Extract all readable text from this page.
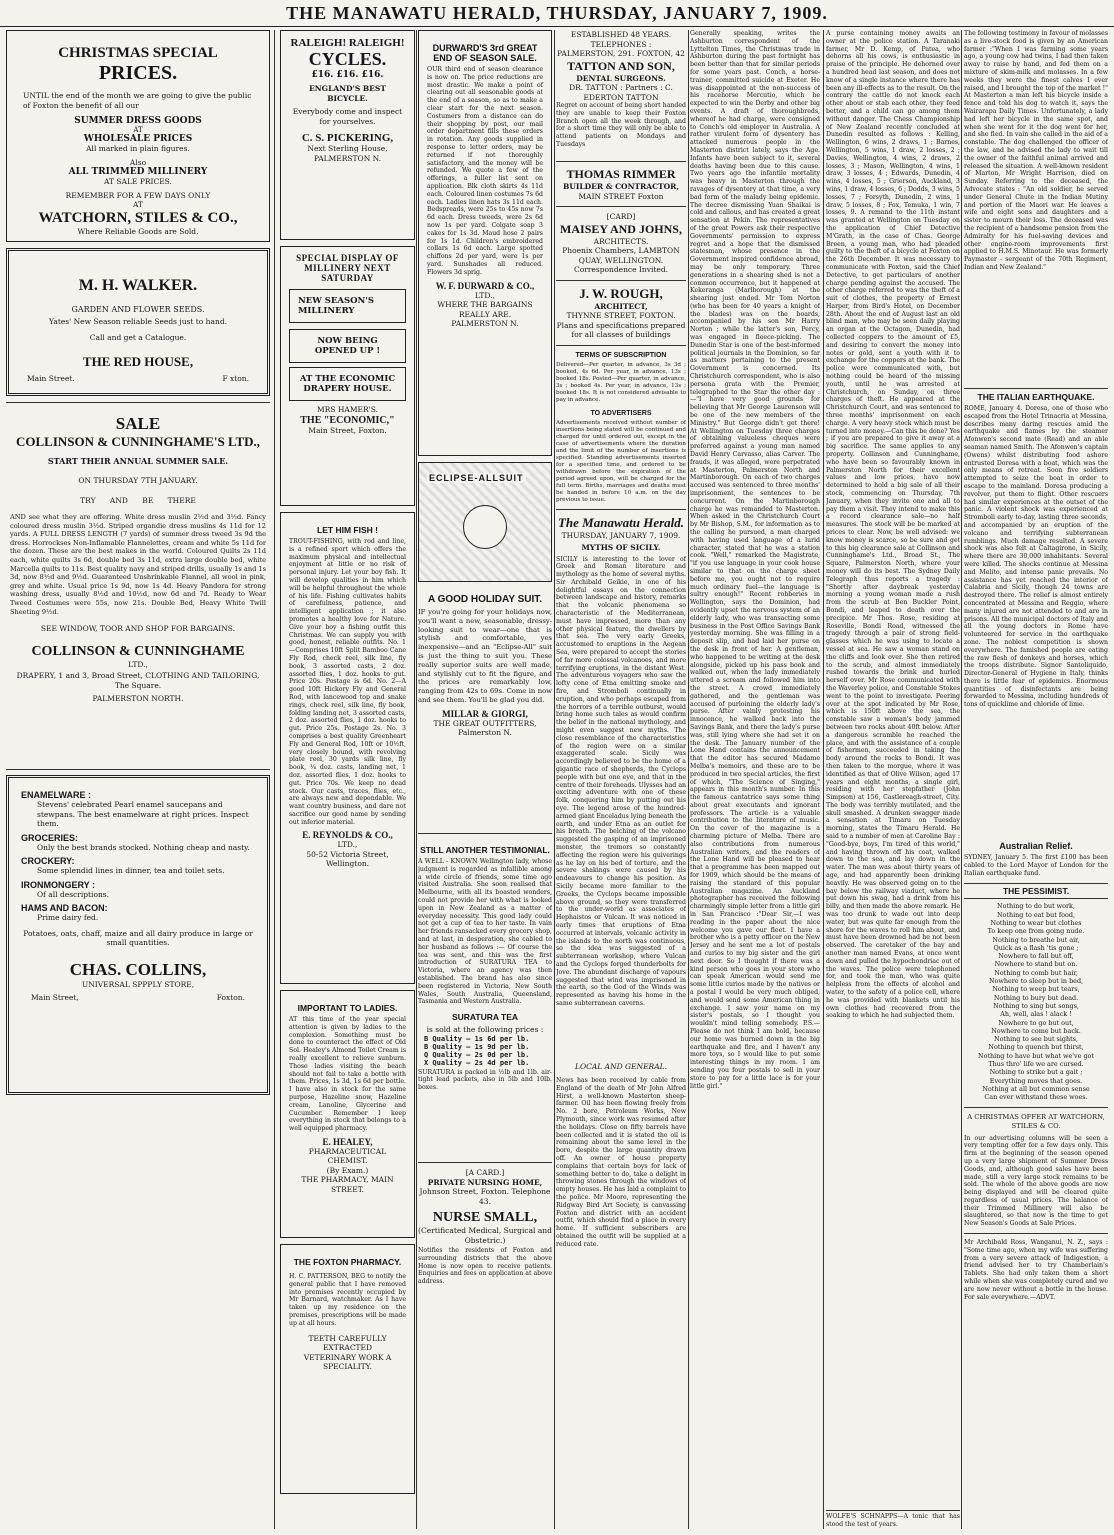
THE MANAWATU HERALD, THURSDAY, JANUARY 7, 1909.
CHRISTMAS SPECIAL
PRICES.
UNTIL the end of the month we are going to give the public of Foxton the benefit of all our
SUMMER DRESS GOODS
AT
WHOLESALE PRICES
All marked in plain figures.
Also
ALL TRIMMED MILLINERY
AT SALE PRICES.
REMEMBER FOR A FEW DAYS ONLY
AT
WATCHORN, STILES & CO.,
Where Reliable Goods are Sold.
M. H. WALKER.
GARDEN AND FLOWER SEEDS.
Yates' New Season reliable Seeds just to hand.
Call and get a Catalogue.
THE RED HOUSE,
Main Street.	F xton.
SALE
COLLINSON & CUNNINGHAME'S LTD.,
START THEIR ANNUAL SUMMER SALE.
ON THURSDAY 7TH JANUARY.
TRY AND BE THERE
AND see what they are offering. White dress muslin 2½d and 3½d. Fancy coloured dress muslin 3½d. Striped organdie dress muslins 4s 11d for 12 yards. A FULL DRESS LENGTH (7 yards) of summer dress tweed 3s 9d the dress. Horrockses Non-Inflamable Flannelettes, cream and white 5s 11d for the dozen. These are the best makes in the world. Coloured Quilts 2s 11d each, white quilts 3s 6d, double bed 3s 11d, extra large double bed, white Marcella quilts to 11s. Best quality navy and striped drills, usually 1s and 1s 3d, now 8½d and 9½d. Guaranteed Unshrinkable Flannel, all wool in pink, grey and white. Usual price 1s 9d, now 1s 4d. Heavy Pandora for strong washing dress, usually 8½d and 10½d, now 6d and 7d. Ready to Wear Tweed Costumes were 55s, now 21s. Double Bed, Heavy White Twill Sheeting 9½d.
SEE WINDOW, TOOR AND SHOP FOR BARGAINS.
COLLINSON & CUNNINGHAME
LTD.,
DRAPERY, 1 and 3, Broad Street, CLOTHING AND TAILORING, The Square.
PALMERSTON NORTH.
ENAMELWARE :
Stevens' celebrated Pearl enamel saucepans and stewpans. The best enamelware at right prices. Inspect them.
GROCERIES:
Only the best brands stocked. Nothing cheap and nasty.
CROCKERY:
Some splendid lines in dinner, tea and toilet sets.
IRONMONGERY :
Of all descriptions.
HAMS AND BACON:
Prime dairy fed.
Potatoes, oats, chaff, maize and all dairy produce in large or small quantities.
CHAS. COLLINS,
UNIVERSAL SPPPLY STORE,
Main Street,	Foxton.
RALEIGH! RALEIGH!
CYCLES.
£16. £16. £16.
ENGLAND'S BEST BICYCLE.
Everybody come and inspect for yourselves.
C. S. PICKERING,
Next Sterling House,
PALMERSTON N.
SPECIAL DISPLAY OF MILLINERY NEXT SATURDAY
NEW SEASON'S MILLINERY
NOW BEING OPENED UP !
AT THE ECONOMIC DRAPERY HOUSE.
MRS HAMER'S.
THE "ECONOMIC,"
Main Street, Foxton.
LET HIM FISH !
TROUT-FISHING, with rod and line, is a refined sport which offers the maximum physical and intellectual enjoyment at little or no risk of personal injury. Let your boy fish. It will develop qualities in him which will be helpful throughout the whole of his life. Fishing cultivates habits of carefulness, patience, and intelligent application ; it also promotes a healthy love for Nature. Give your boy a fishing outfit this Christmas. We can supply you with good, honest, reliable outfits. No. 1—Comprises 10ft Split Bamboo Cane Fly Rod, check reel, silk line, fly book, 3 assorted casts, 2 doz. assorted flies, 1 doz. hooks to gut. Price 20s. Postage is 6d. No. 2—A good 10ft Hickory Fly and General Rod, with lancewood top and snake rings, check reel, silk line, fly book, folding landing net, 3 assorted casts, 2 doz. assorted flies, 1 doz. hooks to gut. Price 25s. Postage 2s. No. 3 comprises a best quality Greenheart Fly and General Rod, 10ft or 10½ft, very closely bound, with revolving plate reel, 30 yards silk line, fly book, ¼ doz. casts, landing net, 1 doz. assorted flies, 1 doz. hooks to gut. Price 70s. We keep no dead stock. Our casts, traces, flies, etc., are always new and dependable. We want country business, and dare not sacrifice our good name by sending out inferior material.
E. REYNOLDS & CO.,
LTD.,
50-52 Victoria Street,
Wellington.
IMPORTANT TO LADIES.
AT this time of the year special attention is given by ladies to the complexion. Something must be done to counteract the effect of Old Sol. Healey's Almond Toilet Cream is really excellent to relieve sunburn. Those ladies visiting the beach should not fail to take a bottle with them. Prices, 1s 3d, 1s 6d per bottle. I have also in stock for the same purpose, Hazeline snow, Hazeline cream, Lanoline, Glycerine and Cucumber. Remember I keep everything in stock that belongs to a well equipped pharmacy.
E. HEALEY,
PHARMACEUTICAL CHEMIST.
(By Exam.)
THE PHARMACY, MAIN STREET.
THE FOXTON PHARMACY.
H. C. PATTERSON, BEG to notify the general public that I have removed into premises recently occupied by Mr Barnard, watchmaker. As I have taken up my residence on the premises, prescriptions will be made up at all hours.
TEETH CAREFULLY EXTRACTED
VETERINARY WORK A SPECIALITY.
DURWARD'S 3rd GREAT END OF SEASON SALE.
OUR third end of season clearance is now on. The price reductions are most drastic. We make a point of clearing out all seasonable goods at the end of a season, so as to make a clear start for the next season. Costumers from a distance can do their shopping by post, our mail order department fills these orders in rotation. Any goods supplied in response to letter orders, may be returned if not thoroughly satisfactory, and the money will be refunded. We quote a few of the offerings, a fuller list sent on application. Blk cloth skirts 4s 11d each. Coloured linen costumes 7s 6d each. Ladies linen hats 3s 11d each. Bedspreads, were 25s to 45s now 7s 6d each. Dress tweeds, were 2s 6d now 1s per yard. Colgate soap 3 cakes for 1s 3d. Maud hose 2 pairs for 1s 1d. Children's embroidered collars 1s 6d each. Large spotted chiffons 2d per yard, were 1s per yard. Sunshades all reduced. Flowers 3d sprig.
W. F. DURWARD & CO.,
LTD.,
WHERE THE BARGAINS REALLY ARE.
PALMERSTON N.
ECLIPSE-ALLSUIT
A GOOD HOLIDAY SUIT.
IF you're going for your holidays now, you'll want a new, seasonable, dressy-looking suit to wear—one that is stylish and comfortable, yes inexpensive—and an "Eclipse-All" suit is just the thing to suit you. These really superior suits are well made, and stylishly cut to fit the figure, and the prices are remarkably low, ranging from 42s to 69s. Come in now and see them. You'll be glad you did.
MILLAR & GIORGI,
THE GREAT OUTFITTERS,
Palmerston N.
STILL ANOTHER TESTIMONIAL.
A WELL - KNOWN Wellington lady, whose judgment is regarded as infallible among a wide circle of friends, some time ago visited Australia. She soon realised that Melbourne, with all its boasted wonders, could not provide her with what is looked upon in New Zealand as a matter of everyday necessity. This good lady could not get a cup of tea to her taste. In vain her friends ransacked every grocery shop, and at last, in desperation, she cabled to her husband as follows :— Of course the tea was sent, and this was the first introduction of SURATURA TEA to Victoria, where an agency was then established. The brand has also since been registered in Victoria, New South Wales, South Australia, Queensland, Tasmania and Western Australia.
SURATURA TEA
is sold at the following prices :
B Quality — 1s 6d per lb.
B Quality — 1s 9d per lb.
Q Quality — 2s 0d per lb.
X Quality — 2s 4d per lb.
SURATURA is packed in ½lb and 1lb. air-tight lead packets, also in 5lb and 10lb. boxes.
[A CARD.]
PRIVATE NURSING HOME,
Johnson Street, Foxton. Telephone 43.
NURSE SMALL,
(Certificated Medical, Surgical and Obstetric.)
Notifies the residents of Foxton and surrounding districts that the above Home is now open to receive patients. Enquiries and fees on application at above address.
ESTABLISHED 48 YEARS.
TELEPHONES :
PALMERSTON, 291. FOXTON, 42
TATTON AND SON,
DENTAL SURGEONS.
DR. TATTON : Partners : C. EDERTON TATTON
Regret on account of being short handed they are unable to keep their Foxton Branch open all the week through, and for a short time they will only be able to attend patients on Mondays and Tuesdays
THOMAS RIMMER
BUILDER & CONTRACTOR,
MAIN STREET Foxton
[CARD]
MAISEY AND JOHNS,
ARCHITECTS.
Phoenix Chambers, LAMBTON QUAY, WELLINGTON.
Correspondence Invited.
J. W. ROUGH,
ARCHITECT,
THYNNE STREET, FOXTON.
Plans and specifications prepared for all classes of buildings
TERMS OF SUBSCRIPTION
Delivered—Per quarter, in advance, 3s 3d ; booked, 4s 6d. Per year, in advance, 13s ; booked 18s. Posted—Per quarter, in advance, 3s ; booked 4s. Per year, in advance, 13s ; booked 18s. It is not considered advisable to pay in advance.
TO ADVERTISERS
Advertisements received without number of insertions being stated will be continued and charged for until ordered out, except in the case of advertisements where the duration and the limit of the number of insertions is specified. Standing advertisements inserted for a specified time, and ordered to be withdrawn before the expiration of the period agreed upon, will be charged for the full term. Births, marriages and deaths must be handed in before 10 a.m. on the day previous to issue.
The Manawatu Herald.
THURSDAY, JANUARY 7, 1909.
MYTHS OF SICILY.
SICILY is interesting to the lover of Greek and Roman literature and mythology as the home of several myths. Sir Archibald Geikie, in one of his delightful essays on the connection between landscape and history, remarks that the volcanic phenomena so characteristic of the Mediterranean, must have impressed, more than any other physical feature, the dwellers by that sea. The very early Greeks, accustomed to eruptions in the Aegean Sea, were prepared to accept the stories of far more colossal volcanoes, and more terrifying eruptions, in the distant West. The adventurous voyagers who saw the lofty cone of Etna emitting smoke and fire, and Stromboli continually in eruption, and who perhaps escaped from the horrors of a terrible outburst, would bring home such tales as would confirm the belief in the national mythology, and might even suggest new myths. The close resemblance of the characteristics of the region were on a similar exaggerated scale. Sicily was accordingly believed to be the home of a gigantic race of shepherds, the Cyclops people with but one eye, and that in the centre of their foreheads. Ulysses had an exciting adventure with one of these folk, conquering him by putting out his eye. The legend arose of the hundred-armed giant Enceladus lying beneath the earth, and under Etna as an outlet for his breath. The belching of the volcano suggested the gasping of an imprisoned monster, the tremors so constantly affecting the region were his quiverings as he lay on his bed of torture, and the severe shakings were caused by his endeavours to change his position. As Sicily became more familiar to the Greeks, the Cyclops became impossible above ground, so they were transferred to the under-world as associates of Hephaistos or Vulcan. It was noticed in early times that eruptions of Etna occurred at intervals, volcanic activity in the islands to the north was continuous, so the idea was suggested of a subterranean workshop, where Vulcan and the Cyclops forged thunderbolts for Jove. The abundant discharge of vapours suggested that wind was imprisoned in the earth, so the God of the Winds was represented as having his home in the same subterranean caverns.
LOCAL AND GENERAL.
News has been received by cable from England of the death of Mr John Alfred Hirst, a well-known Masterton sheep-farmer. Oil has been flowing freely from No. 2 bore, Petroleum Works, New Plymouth, since work was resumed after the holidays. Close on fifty barrels have been collected and it is stated the oil is remaining about the same level in the bore, despite the large quantity drawn off. An owner of house property complains that certain boys for lack of something better to do, take a delight in throwing stones through the windows of empty houses. He has laid a complaint to the police. Mr Moore, representing the Ridgway Bird Art Society, is canvassing Foxton and district with an accident outfit, which should find a place in every home. If sufficient subscribers are obtained the outfit will be supplied at a reduced rate.
Generally speaking, writes the Ashburton correspondent of the Lyttelton Times, the Christmas trade in Ashburton during the past fortnight has been better than that for similar periods for some years past. Conch, a horse-trainer, committed suicide at Exeter. He was disappointed at the non-success of his racehorse Mercutio, which he expected to win the Derby and other big events. A draft of thoroughbreds, whereof he had charge, were consigned to Conch's old employer in Australia. A rather virulent form of dysentery has attacked numerous people in the Masterton district lately, says the Age. Infants have been subject to it, several deaths having been due to this cause. Two years ago the infantile mortality was heavy in Masterton through the ravages of dysentery at that time, a very bad form of the malady being epidemic. The decree dismissing Yuan Shaikai is cold and callous, and has created a great sensation at Pekin. The representatives of the great Powers ask their respective Governments' permission to express regret and a hope that the dismissed statesman, whose presence in the Government inspired confidence abroad, may be only temporary. Three generations in a shearing shed is not a common occurrence, but it happened at Kekeranga (Marlborough) at the shearing just ended. Mr Tom Norton (who has been for 40 years a knight of the blades) was on the boards, accompanied by his son Mr Harry Norton ; while the latter's son, Percy, was engaged in fleece-picking. The Dunedin Star is one of the best-informed political journals in the Dominion, so far as matters pertaining to the present Government is concerned. Its Christchurch correspondent, who is also persona grata with the Premier, telegraphed to the Star the other day :—"I have very good grounds for believing that Mr George Laurenson will be one of the new members of the Ministry." But George didn't get there! At Wellington on Tuesday three charges of obtaining valueless cheques were preferred against a young man named David Henry Carvasso, alias Carver. The frauds, it was alleged, were perpetrated at Masterton, Palmerston North and Martinborough. On each of two charges accused was sentenced to three months' imprisonment, the sentences to be concurrent. On the Martinborough charge he was remanded to Masterton. When asked in the Christchurch Court by Mr Bishop, S.M., for information as to the calling he pursued, a man charged with having used language of a lurid character, stated that he was a station cook. "Well," remarked the Magistrate, "if you use language in your cook house similar to that on the charge sheet before me, you ought not to require much ordinary fuel—the language is sultry enough!" Recent robberies in Wellington, says the Dominion, had evidently upset the nervous system of an elderly lady, who was transacting some business in the Post Office Savings Bank yesterday morning. She was filling in a deposit slip, and had laid her purse on the desk in front of her. A gentleman, who happened to be writing at the desk alongside, picked up his pass book and walked out, when the lady immediately uttered a scream and followed him into the street. A crowd immediately gathered, and the gentleman was accused of purloining the elderly lady's purse. After vainly protesting his innocence, he walked back into the Savings Bank, and there the lady's purse was, still lying where she had set it on the desk. The January number of the Lone Hand contains the announcement that the editor has secured Madame Melba's memoirs, and these are to be produced in two special articles, the first of which, "The Science of Singing," appears in this month's number. In this the famous cantatrice says some thing about great executants and ignorant professors. The article is a valuable contribution to the literature of music. On the cover of the magazine is a charming picture of Melba. There are also contributions from numerous Australian writers, and the readers of the Lone Hand will be pleased to hear that a programme has been mapped out for 1909, which should be the means of raising the standard of this popular Australian magazine. An Auckland photographer has received the following charmingly simple letter from a little girl in San Francisco :"Dear Sir,—I was reading in the paper about the nice welcome you gave our fleet. I have a brother who is a petty officer on the New Jersey and he sent me a lot of postals and curios to my big sister and the girl next door. So I thought if there was a kind person who goes in your store who can speak American would send me some little curios made by the natives or a postal I would be very much obliged, and would send some American thing in exchange. I saw your name on my sister's postals, so I thought you wouldn't mind telling somebody. P.S.—Please do not think I am bold, because our home was burned down in the big earthquake and fire, and I haven't any more toys, so I would like to put some interesting things in my room. I am sending you four postals to sell in your store to pay for a little lace is for your little girl."
A purse containing money awaits an owner at the police station. A Taranaki farmer, Mr D. Kemp, of Patea, who dehorns all his cows, is enthusiastic in praise of the principle. He dehorned over a hundred head last season, and does not know of a single instance where there has been any ill-effects as to the result. On the contrary the cattle do not knock each other about or stab each other, they feed better, and a child can go among them without danger. The Chess Championship of New Zealand recently concluded at Dunedin resulted as follows : Kelling, Wellington, 6 wins, 2 draws, 1 ; Barnes, Wellington, 5 wins, 1 draw, 2 losses, 2 ; Davies, Wellington, 4 wins, 2 draws, 2 losses, 3 ; Mason, Wellington, 4 wins, 1 draw, 3 losses, 4 ; Edwards, Dunedin, 4 wins, 4 losses, 5 ; Grierson, Auckland, 3 wins, 1 draw, 4 losses, 6 ; Dodds, 3 wins, 5 losses, 7 ; Forsyth, Dunedin, 2 wins, 1 draw, 5 losses, 8 ; Fox, Temuka, 1 win, 7 losses, 9. A remand to the 11th instant was granted at Wellington on Tuesday on the application of Chief Detective M'Grath, in the case of Chas. George Breen, a young man, who had pleaded guilty to the theft of a bicycle at Foxton on the 26th December. It was necessary to communicate with Foxton, said the Chief Detective, to get particulars of another charge pending against the accused. The other charge referred to was the theft of a suit of clothes, the property of Ernest Harper, from Bird's Hotel, on December 28th. About the end of August last an old blind man, who may be seen daily playing an organ at the Octagon, Dunedin, had collected coppers to the amount of £5, and desiring to convert the money into notes or gold, sent a youth with it to exchange for the coppers at the bank. The police were communicated with, but nothing could be heard of the missing youth, until he was arrested at Christchurch, on Sunday, on three charges of theft. He appeared at the Christchurch Court, and was sentenced to three months' imprisonment on each charge. A very heavy stock which must be turned into money.—Can this be done? Yes ; if you are prepared to give it away at a big sacrifice. The same applies to any property. Collinson and Cunninghame, who have been so favourably known in Palmerston North for their excellent values and low prices, have now determined to hold a big sale of all their stock, commencing on Thursday, 7th January, when they invite one and all to pay them a visit. They intend to make this a record clearance sale—no half measures. The stock will be be marked at prices to clear. Now, be well advised: we know money is scarce, so be sure and get to this big clearance sale at Collinson and Cunninghame's Ltd., Broad St., The Square, Palmerston North, where your money will do its best. The Sydney Daily Telegraph thus reports a tragedy : "Shortly after daybreak yesterday morning a young woman made a rush from the scrub at Ben Buckler Point, Bondi, and leaped to death over the precipice. Mr Thos. Rose, residing at Roseville, Bondi Road, witnessed the tragedy through a pair of strong field-glasses which he was using to locate a vessel at sea. He saw a woman stand on the cliffs and look over. She then retired to the scrub, and almost immediately rushed towards the brink and hurled herself over. Mr Rose communicated with the Waverley police, and Constable Stokes went to the point to investigate. Peering over at the spot indicated by Mr Rose, which is 150ft above the sea, the constable saw a woman's body jammed between two rocks about 40ft below. After a dangerous scramble he reached the place, and with the assistance of a couple of fishermen, succeeded in taking the body around the rocks to Bondi. It was then taken to the morgue, where it was identified as that of Olive Wilson, aged 17 years and eight months, a single girl, residing with her stepfather (John Simpson) at 156, Castlereagh-street, City. The body was terribly mutilated, and the skull smashed. A drunken swagger made a sensation at Timaru on Tuesday morning, states the Timaru Herald. He said to a number of men at Caroline Bay : "Good-bye, boys, I'm tired of this world," and having thrown off his coat, walked down to the sea, and lay down in the water. The man was about thirty years of age, and had apparently been drinking heavily. He was observed going on to the bay below the railway viaduct, where he put down his swag, had a drink from his billy, and then made the above remark. He was too drunk to wade out into deep water, but was quite far enough from the shore for the waves to roll him about, and must have been drowned had he not been observed. The caretaker of the bay and another man named Evans, at once went down and pulled the hypochondriac out of the waves. The police were telephoned for, and took the man, who was quite helpless from the effects of alcohol and water, to the safety of a police cell, where he was provided with blankets until his own clothes had recovered from the soaking to which he had subjected them.
WOLFE'S SCHNAPPS—A tonic that has stood the test of years.
The following testimony in favour of molasses as a live-stock food is given by an American farmer :"When I was farming some years ago, a young cow had twins, I had then taken away to raise by hand, and fed them on a mixture of skim-milk and molasses. In a few weeks they were the finest calves I ever raised, and I brought the top of the market !" At Masterton a man left his bicycle inside a fence and told his dog to watch it, says the Wairarapa Daily Times. Unfortunately, a lady had left her bicycle in the same spot, and when she went for it the dog went for her, and she fled. In vain she called in the aid of a constable. The dog challenged the officer of the law, and he advised the lady to wait till the owner of the faithful animal arrived and released the situation. A well-known resident of Marton, Mr Wright Harrison, died on Sunday. Referring to the deceased, the Advocate states : "An old soldier, he served under General Chute in the Indian Mutiny and portion of the Maori war. He leaves a wife and eight sons and daughters and a sister to mourn their loss. The deceased was the recipient of a handsome pension from the Admiralty for his fuel-saving devices and other engine-room improvements first applied to H.M.S. Minotaur. He was formerly Paymaster - sergeant of the 70th Regiment, Indian and New Zealand."
THE ITALIAN EARTHQUAKE.
ROME, January 4. Doresa, one of those who escaped from the Hotel Trinacria at Messina, describes many daring rescues amid the earthquake and flames by the steamer Afonwen's second mate (Read) and an able seaman named Smith. The Afonwen's captain (Owens) whilst distributing food ashore entrusted Doresa with a boat, which was the only means of retreat. Soon five soldiers attempted to seize the boat in order to escape to the mainland. Doresa producing a revolver, put them to flight. Other rescuers had similar experiences at the outset of the panic. A violent shock was experienced at Stromboli early to-day, lasting three seconds, and accompanied by an eruption of the volcano and terrifying subterranean rumblings. Much damage resulted. A severe shock was also felt at Caltagirone, in Sicily, where there are 30,000 inhabitants. Several were killed. The shocks continue at Messina and Melito, and intense panic prevails. No assistance has yet reached the interior of Calabria and Sicily, though 24 towns are destroyed there. The relief is almost entirely concentrated at Messina and Reggio, where many injured are not attended to and are in prisons. All the municipal doctors of Italy and all the young doctors in Rome have volunteered for service in the earthquake zone. The noblest competition is shown everywhere. The famished people are eating the raw flesh of donkeys and horses, which the troops distribute. Signor Santoliquido, Director-General of Hygiene in Italy, thinks there is little fear of epidemics. Enormous quantities of disinfectants are being forwarded to Messina, including hundreds of tons of quicklime and chloride of lime.
Australian Relief.
SYDNEY, January 5. The first £100 has been cabled to the Lord Mayor of London for the Italian earthquake fund.
THE PESSIMIST.
Nothing to do but work,
Nothing to eat but food,
Nothing to wear but clothes
To keep one from going nude.
Nothing to breathe but air,
Quick as a flash 'tis gone ;
Nowhere to fall but off,
Nowhere to stand but on.
Nothing to comb but hair,
Nowhere to sleep but in bed,
Nothing to weep but tears,
Nothing to bury but dead.
Nothing to sing but songs,
Ah, well, alas ! alack !
Nowhere to go but out,
Nowhere to come but back.
Nothing to see but sights,
Nothing to quench but thirst,
Nothing to have but what we've got
Thus thro' life we are cursed.
Nothing to strike but a gait ;
Everything moves that goes.
Nothing at all but common sense
Can ever withstand these woes.
A CHRISTMAS OFFER AT WATCHORN, STILES & CO.
In our advertising columns will be seen a very tempting offer for a few days only. This firm at the beginning of the season opened up a very large shipment of Summer Dress Goods, and, although good sales have been made, still a very large stock remains to be sold. The whole of the above goods are now being displayed and will be cleared quite regardless of usual prices. The balance of their Trimmed Millinery will also be slaughtered, so that now is the time to get New Season's Goods at Sale Prices.
Mr Archibald Ross, Wanganui, N. Z., says : "Some time ago, when my wife was suffering from a very severe attack of Indigestion, a friend advised her to try Chamberlain's Tablets. She had only taken them a short while when she was completely cured and we are now never without a bottle in the house. For sale everywhere.—ADVT.
